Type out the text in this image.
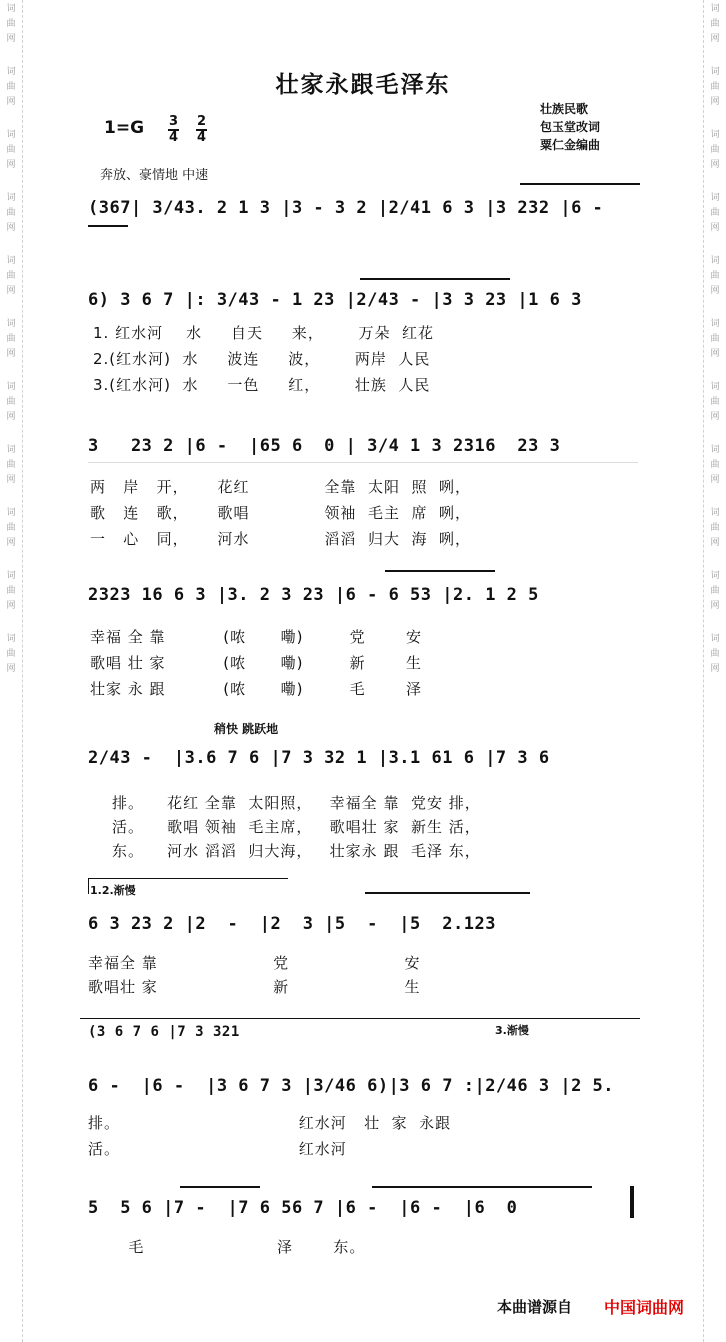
词
曲
网
词
曲
网
词
曲
网
词
曲
网
词
曲
网
词
曲
网
词
曲
网
词
曲
网
词
曲
网
词
曲
网
词
曲
网
词
曲
网
词
曲
网
词
曲
网
词
曲
网
词
曲
网
词
曲
网
词
曲
网
词
曲
网
词
曲
网
词
曲
网
词
曲
网
壮家永跟毛泽东
1=G 3
4
2
4
壮族民歌
包玉堂改词
粟仁金编曲
奔放、豪情地 中速
(367| 3/43. 2 1 3 |3 - 3 2 |2/41 6 3 |3 232 |6 -
6) 3 6 7 |: 3/43 - 1 23 |2/43 - |3 3 23 |1 6 3
1. 红水河    水     自天     来，      万朵  红花
2.(红水河)  水     波连     波，      两岸  人民
3.(红水河)  水     一色     红，      壮族  人民
3   23 2 |6 -  |65 6  0 | 3/4 1 3 2316  23 3
两   岸   开，     花红             全靠  太阳  照  咧，
歌   连   歌，     歌唱             领袖  毛主  席  咧，
一   心   同，     河水             滔滔  归大  海  咧，
2323 16 6 3 |3. 2 3 23 |6 - 6 53 |2. 1 2 5
幸福 全 靠          (哝      嘞)        党       安
歌唱 壮 家          (哝      嘞)        新       生
壮家 永 跟          (哝      嘞)        毛       泽
稍快 跳跃地
2/43 -  |3.6 7 6 |7 3 32 1 |3.1 61 6 |7 3 6
排。    花红 全靠  太阳照，   幸福全 靠  党安 排，
活。    歌唱 领袖  毛主席，   歌唱壮 家  新生 活，
东。    河水 滔滔  归大海，   壮家永 跟  毛泽 东，
1.2.渐慢
6 3 23 2 |2  -  |2  3 |5  -  |5  2.123
幸福全 靠                    党                    安
歌唱壮 家                    新                    生
(3 6 7 6 |7 3 321	3.渐慢
6 -  |6 -  |3 6 7 3 |3/46 6)|3 6 7 :|2/46 3 |2 5.
排。                               红水河   壮  家  永跟
活。                               红水河
5  5 6 |7 -  |7 6 56 7 |6 -  |6 -  |6  0
毛                       泽       东。
本曲谱源自 中国词曲网
